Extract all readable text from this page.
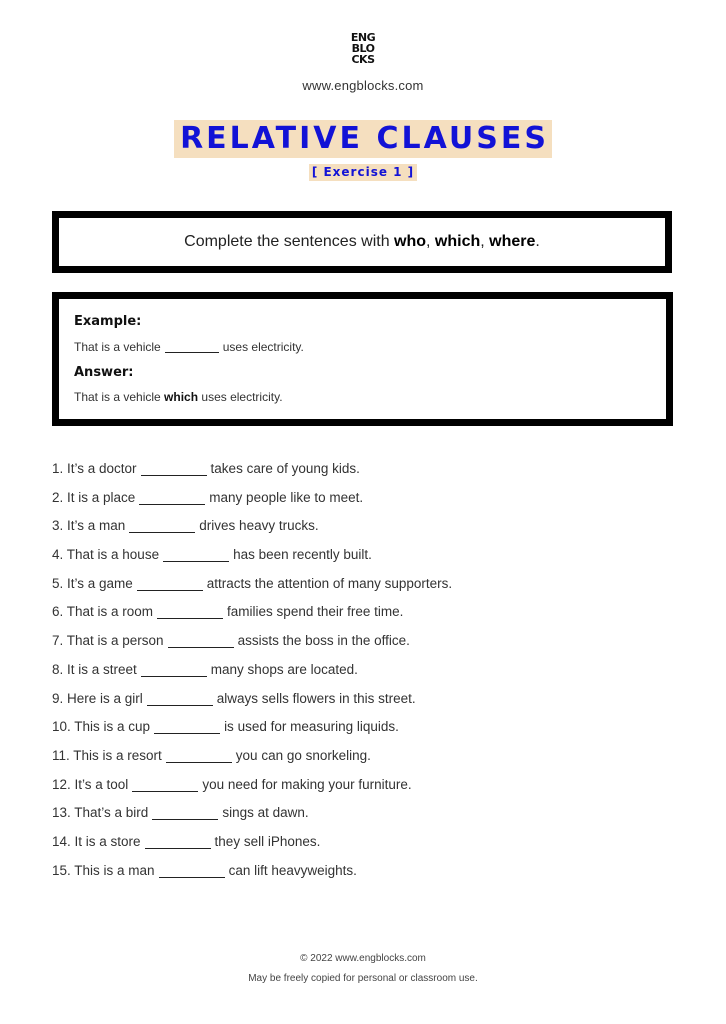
ENG
BLO
CKS
www.engblocks.com
RELATIVE CLAUSES
[ Exercise 1 ]
Complete the sentences with who, which, where.
Example:
That is a vehicle	uses electricity.
Answer:
That is a vehicle which uses electricity.
1. It’s a doctor	takes care of young kids.
2. It is a place	many people like to meet.
3. It’s a man	drives heavy trucks.
4. That is a house	has been recently built.
5. It’s a game	attracts the attention of many supporters.
6. That is a room	families spend their free time.
7. That is a person	assists the boss in the office.
8. It is a street	many shops are located.
9. Here is a girl	always sells flowers in this street.
10. This is a cup	is used for measuring liquids.
11. This is a resort	you can go snorkeling.
12. It’s a tool	you need for making your furniture.
13. That’s a bird	sings at dawn.
14. It is a store	they sell iPhones.
15. This is a man	can lift heavyweights.
© 2022 www.engblocks.com
May be freely copied for personal or classroom use.
